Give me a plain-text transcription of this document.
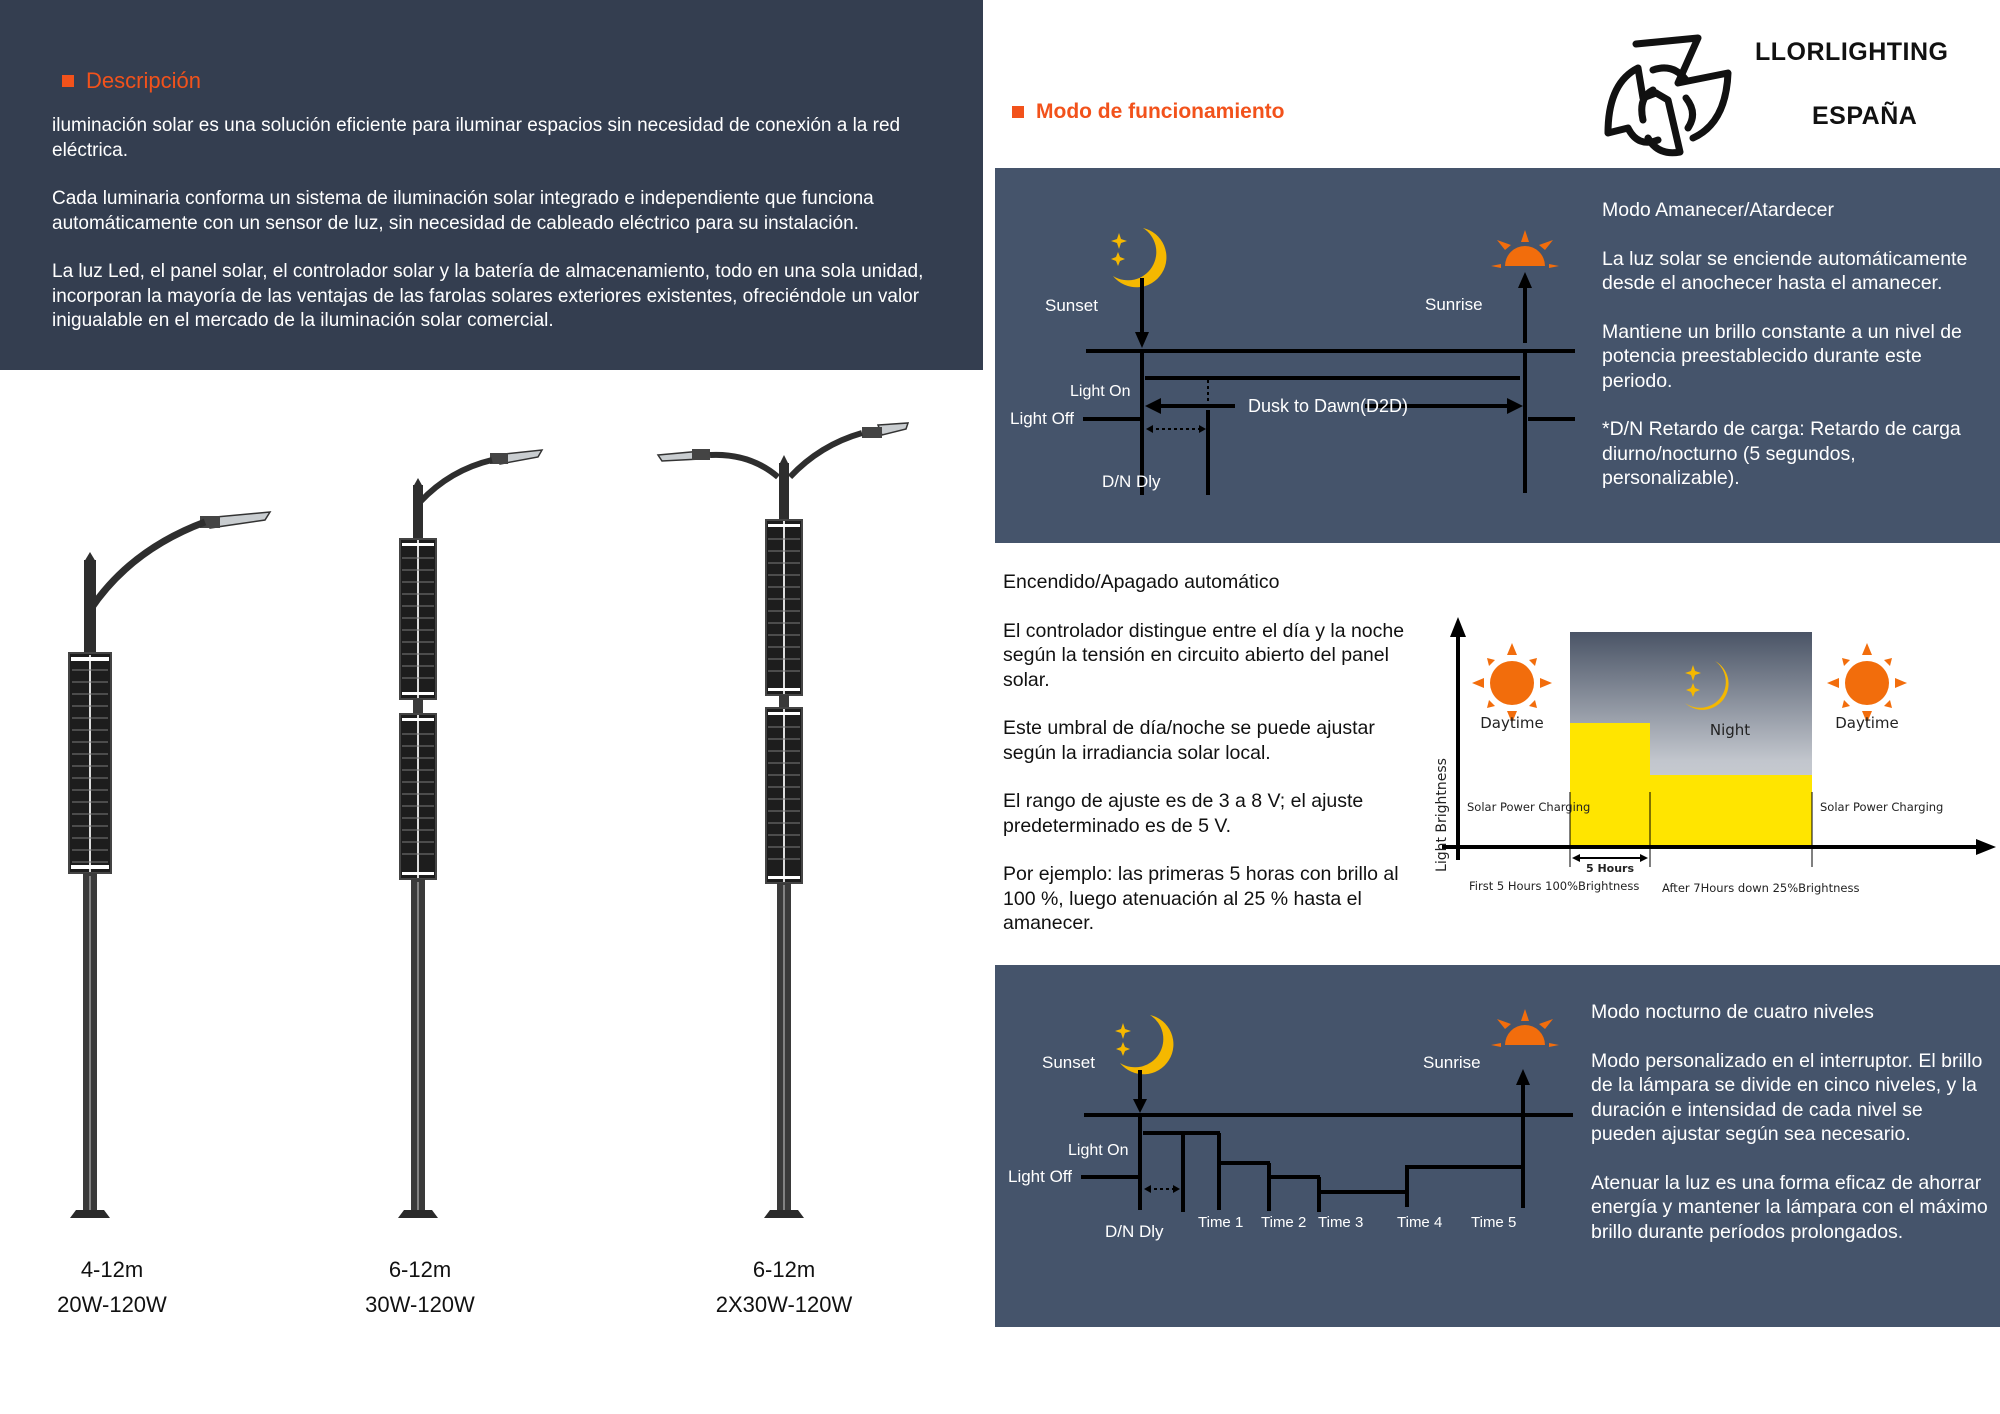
Descripción

iluminación solar es una solución eficiente para iluminar espacios sin necesidad de conexión a la red eléctrica.

Cada luminaria conforma un sistema de iluminación solar integrado e independiente que funciona automáticamente con un sensor de luz, sin necesidad de cableado eléctrico para su instalación.

La luz Led, el panel solar, el controlador solar y la batería de almacenamiento, todo en una sola unidad, incorporan la mayoría de las ventajas de las farolas solares exteriores existentes, ofreciéndole un valor inigualable en el mercado de la iluminación solar comercial.

4-12m
20W-120W
6-12m
30W-120W
6-12m
2X30W-120W
Modo de funcionamiento
LLORLIGHTING
ESPAÑA
Sunset	Sunrise
Light On
Light Off
Dusk to Dawn(D2D)
D/N Dly

Modo Amanecer/Atardecer

La luz solar se enciende automáticamente desde el anochecer hasta el amanecer.

Mantiene un brillo constante a un nivel de potencia preestablecido durante este periodo.

*D/N Retardo de carga: Retardo de carga diurno/nocturno (5 segundos, personalizable).

Encendido/Apagado automático

El controlador distingue entre el día y la noche según la tensión en circuito abierto del panel solar.

Este umbral de día/noche se puede ajustar según la irradiancia solar local.

El rango de ajuste es de 3 a 8 V; el ajuste predeterminado es de 5 V.

Por ejemplo: las primeras 5 horas con brillo al 100 %, luego atenuación al 25 % hasta el amanecer.

Light Brightness
Daytime	Night	Daytime
Solar Power Charging	Solar Power Charging
5 Hours
First 5 Hours 100%Brightness After 7Hours down 25%Brightness
Sunset	Sunrise
Light On
Light Off
D/N Dly Time 1 Time 2 Time 3 Time 4 Time 5

Modo nocturno de cuatro niveles

Modo personalizado en el interruptor. El brillo de la lámpara se divide en cinco niveles, y la duración e intensidad de cada nivel se pueden ajustar según sea necesario.

Atenuar la luz es una forma eficaz de ahorrar energía y mantener la lámpara con el máximo brillo durante períodos prolongados.
